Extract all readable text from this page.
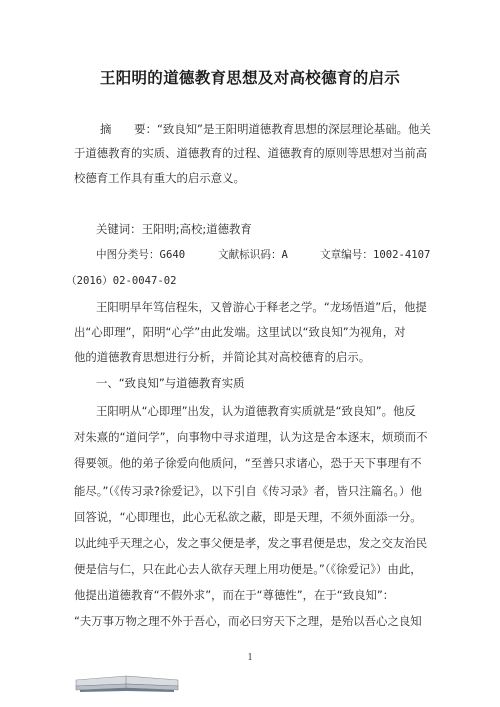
王阳明的道德教育思想及对高校德育的启示
摘　　要：“致良知”是王阳明道德教育思想的深层理论基础。他关
于道德教育的实质、道德教育的过程、道德教育的原则等思想对当前高
校德育工作具有重大的启示意义。
关键词：王阳明;高校;道德教育
中图分类号：G640	文献标识码：A	文章编号：1002-4107
（2016）02-0047-02
王阳明早年笃信程朱，又曾游心于释老之学。“龙场悟道”后，他提
出“心即理”，阳明“心学”由此发端。这里试以“致良知”为视角，对
他的道德教育思想进行分析，并简论其对高校德育的启示。
一、“致良知”与道德教育实质
王阳明从“心即理”出发，认为道德教育实质就是“致良知”。他反
对朱熹的“道问学”，向事物中寻求道理，认为这是舍本逐末，烦琐而不
得要领。他的弟子徐爱向他质问，“至善只求诸心，恐于天下事理有不
能尽。”（《传习录?徐爱记》，以下引自《传习录》者，皆只注篇名。）他
回答说，“心即理也，此心无私欲之蔽，即是天理，不须外面添一分。
以此纯乎天理之心，发之事父便是孝，发之事君便是忠，发之交友治民
便是信与仁，只在此心去人欲存天理上用功便是。”（《徐爱记》）由此，
他提出道德教育“不假外求”，而在于“尊德性”，在于“致良知”：
“夫万事万物之理不外于吾心，而必曰穷天下之理，是殆以吾心之良知
1
